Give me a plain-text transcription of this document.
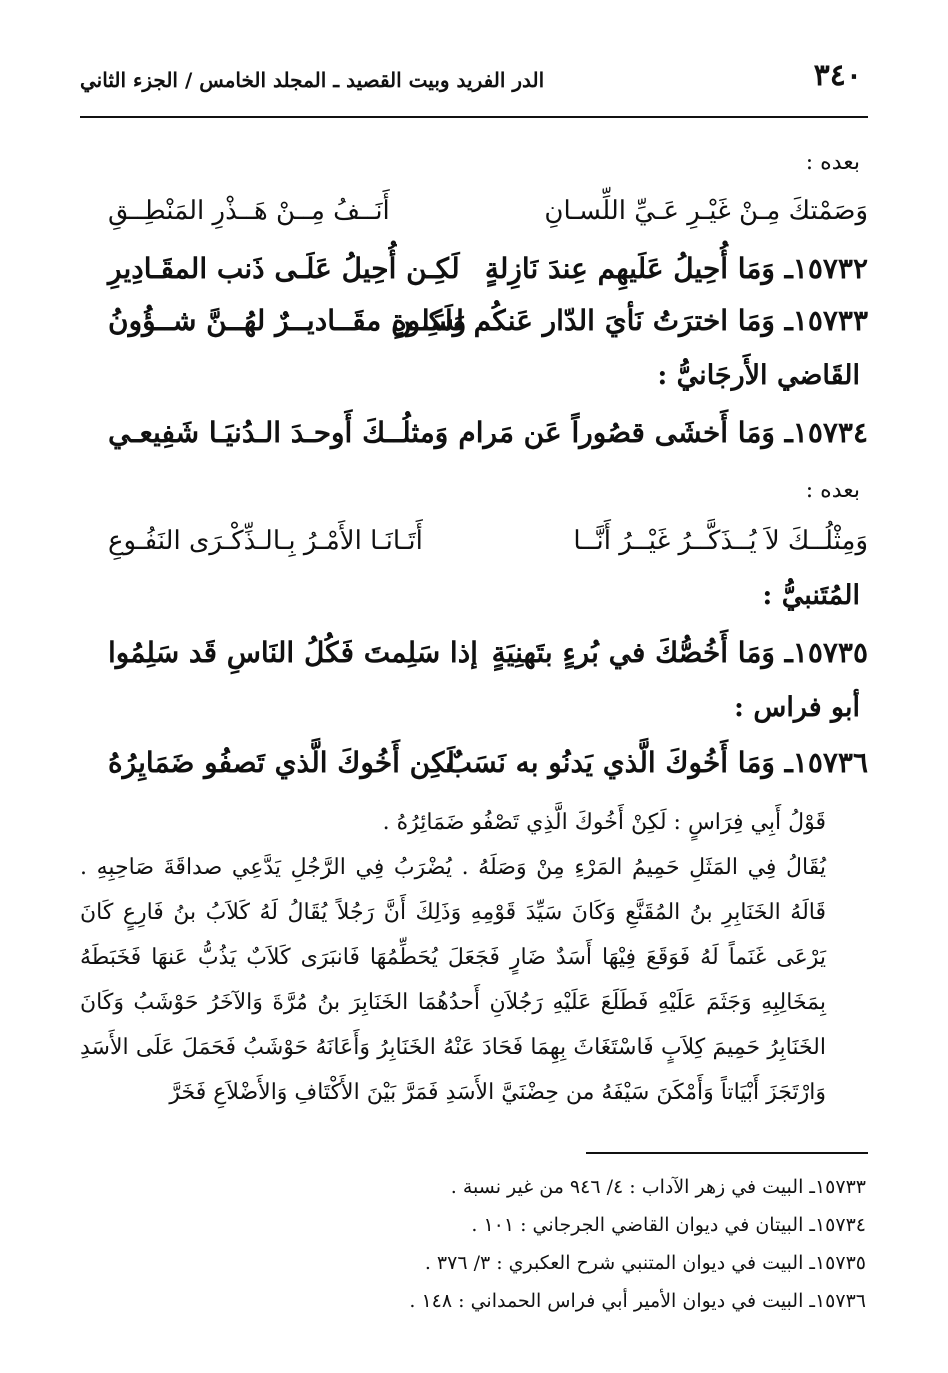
٣٤٠
الدر الفريد وبيت القصيد ـ المجلد الخامس / الجزء الثاني
بعده :
وَصَمْتكَ مِـنْ غَيْـرِ عَـيِّ اللِّسـانِ
أَنَــفُ مِــنْ هَــذْرِ المَنْطِــقِ
١٥٧٣٢ـ وَمَا أُحِيلُ عَلَيهِم عِندَ نَازِلةٍ
لَكِـن أُحِيلُ عَلَـى ذَنب المقَـادِيرِ
١٥٧٣٣ـ وَمَا اخترَتُ نَأيَ الدّار عَنكُم لسَلوةٍ
وَلَكِــن مقَــاديــرٌ لهُــنَّ شــؤُونُ
القَاضي الأَرجَانيُّ :
١٥٧٣٤ـ وَمَا أَخشَى قصُوراً عَن مَرام
وَمثلُــكَ أَوحـدَ الـدُنيَـا شَفِيعـي
بعده :
وَمِثْلُــكَ لاَ يُــذَكَّــرُ غَيْــرُ أَنَّــا
أَتَـانَـا الأَمْـرُ بِـالـذِّكْـرَى النَفُـوعِ
المُتَنبيُّ :
١٥٧٣٥ـ وَمَا أَخُصُّكَ في بُرءٍ بتَهنِيَةٍ
إذا سَلِمتَ فَكُلُ النَاسِ قَد سَلِمُوا
أبو فراس :
١٥٧٣٦ـ وَمَا أَخُوكَ الَّذي يَدنُو به نَسَبٌ
لَكِن أَخُوكَ الَّذي تَصفُو ضَمَايِرُهُ

قَوْلُ أَبِي فِرَاسٍ : لَكِنْ أَخُوكَ الَّذِي تَصْفُو ضَمَائِرُهُ .

يُقَالُ فِي المَثَلِ حَمِيمُ المَرْءِ مِنْ وَصَلَهُ . يُضْرَبُ فِي الرَّجُلِ يَدَّعِي صداقَةَ صَاحِبِهِ . قَالَهُ الخَنَابِرِ بنُ المُقَنَّعِ وَكَانَ سَيِّدَ قَوْمِهِ وَذَلِكَ أَنَّ رَجُلاً يُقَالُ لَهُ كَلاَبُ بنُ فَارِعٍ كَانَ يَرْعَى غَنَماً لَهُ فَوَقَعَ فِيْهَا أَسَدٌ ضَارٍ فَجَعَلَ يُحَطِّمُهَا فَانبَرَى كَلاَبٌ يَذُبُّ عَنهَا فَخَبَطَهُ بِمَخَالِبِهِ وَجَثَمَ عَلَيْهِ فَطَلَعَ عَلَيْهِ رَجُلاَنِ أَحدُهُمَا الخَنَابِرَ بنُ مُرَّةَ وَالآخَرُ حَوْشَبُ وَكَانَ الخَنَابِرُ حَمِيمَ كِلاَبٍ فَاسْتَغَاثَ بِهِمَا فَحَادَ عَنْهُ الخَنَابِرُ وَأَعَانَهُ حَوْشَبُ فَحَمَلَ عَلَى الأَسَدِ وَارْتَجَزَ أَبْيَاتاً وَأَمْكَنَ سَيْفَهُ من حِضْنَيَّ الأَسَدِ فَمَرَّ بَيْنَ الأَكْتَافِ وَالأَضْلاَعِ فَخَرَّ

١٥٧٣٣ـ البيت في زهر الآداب : ٤/ ٩٤٦ من غير نسبة .
١٥٧٣٤ـ البيتان في ديوان القاضي الجرجاني : ١٠١ .
١٥٧٣٥ـ البيت في ديوان المتنبي شرح العكبري : ٣/ ٣٧٦ .
١٥٧٣٦ـ البيت في ديوان الأمير أبي فراس الحمداني : ١٤٨ .
